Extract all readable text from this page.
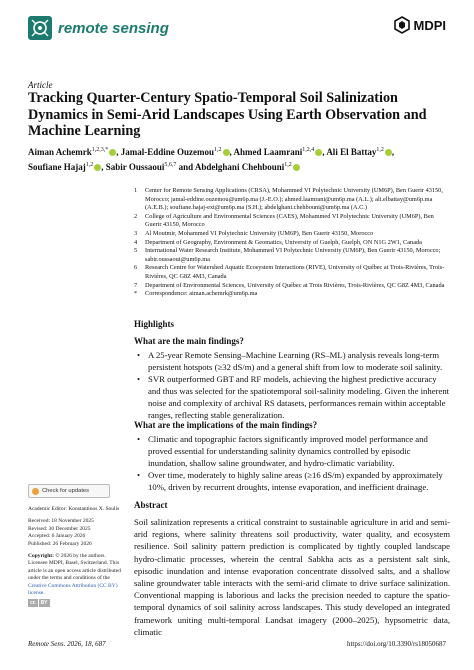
remote sensing	MDPI
Article
Tracking Quarter-Century Spatio-Temporal Soil Salinization Dynamics in Semi-Arid Landscapes Using Earth Observation and Machine Learning
Aiman Achemrk$^{1,2,3,*}$ , Jamal-Eddine Ouzemou$^{1,2}$ , Ahmed Laamrani$^{1,2,4}$ , Ali El Battay$^{1,2}$ ,
Soufiane Hajaj$^{1,2}$ , Sabir Oussaoui$^{5,6,7}$ and Abdelghani Chehbouni$^{1,2}$
1	Center for Remote Sensing Applications (CRSA), Mohammed VI Polytechnic University (UM6P), Ben Guerir 43150, Morocco; jamal-eddine.ouzemou@um6p.ma (J.-E.O.); ahmed.laamrani@um6p.ma (A.L.); ali.elbattay@um6p.ma (A.E.B.); soufiane.hajaj-ext@um6p.ma (S.H.); abdelghani.chehbouni@um6p.ma (A.C.)
2	College of Agriculture and Environmental Sciences (CAES), Mohammed VI Polytechnic University (UM6P), Ben Guerir 43150, Morocco
3	Al Moutmir, Mohammed VI Polytechnic University (UM6P), Ben Guerir 43150, Morocco
4	Department of Geography, Environment & Geomatics, University of Guelph, Guelph, ON N1G 2W1, Canada
5	International Water Research Institute, Mohammed VI Polytechnic University (UM6P), Ben Guerir 43150, Morocco; sabir.oussaoui@um6p.ma
6	Research Centre for Watershed Aquatic Ecosystem Interactions (RIVE), University of Québec at Trois-Rivières, Trois-Rivières, QC G8Z 4M3, Canada
7	Department of Environmental Sciences, University of Québec at Trois Rivières, Trois-Rivières, QC G8Z 4M3, Canada
*	Correspondence: aiman.achemrk@um6p.ma
Highlights
What are the main findings?
• A 25-year Remote Sensing–Machine Learning (RS–ML) analysis reveals long-term persistent hotspots (≥32 dS/m) and a general shift from low to moderate soil salinity.
• SVR outperformed GBT and RF models, achieving the highest predictive accuracy and thus was selected for the spatiotemporal soil-salinity modeling. Given the inherent noise and complexity of archival RS datasets, performances remain within acceptable ranges, reflecting stable generalization.
What are the implications of the main findings?
• Climatic and topographic factors significantly improved model performance and proved essential for understanding salinity dynamics controlled by episodic inundation, shallow saline groundwater, and hydro-climatic variability.
• Over time, moderately to highly saline areas (≥16 dS/m) expanded by approximately 10%, driven by recurrent droughts, intense evaporation, and inefficient drainage.
Abstract
Soil salinization represents a critical constraint to sustainable agriculture in arid and semi-arid regions, where salinity threatens soil productivity, water quality, and ecosystem resilience. Soil salinity pattern prediction is complicated by tightly coupled landscape hydro-climatic processes, wherein the central Sabkha acts as a persistent salt sink, episodic inundation and intense evaporation concentrate dissolved salts, and a shallow saline groundwater table interacts with the semi-arid climate to drive surface salinization. Conventional mapping is laborious and lacks the precision needed to capture the spatio-temporal dynamics of soil salinity across landscapes. This study developed an integrated framework uniting multi-temporal Landsat imagery (2000–2025), hypsometric data, climatic
Check for updates

Academic Editor: Konstantinos X. Soulis

Received: 18 November 2025
Revised: 30 December 2025
Accepted: 6 January 2026

Published: 26 February 2026

Copyright: © 2026 by the authors. Licensee MDPI, Basel, Switzerland. This article is an open access article distributed under the terms and conditions of the Creative Commons Attribution (CC BY) license.
cc	BY
Remote Sens. 2026, 18, 687	https://doi.org/10.3390/rs18050687
